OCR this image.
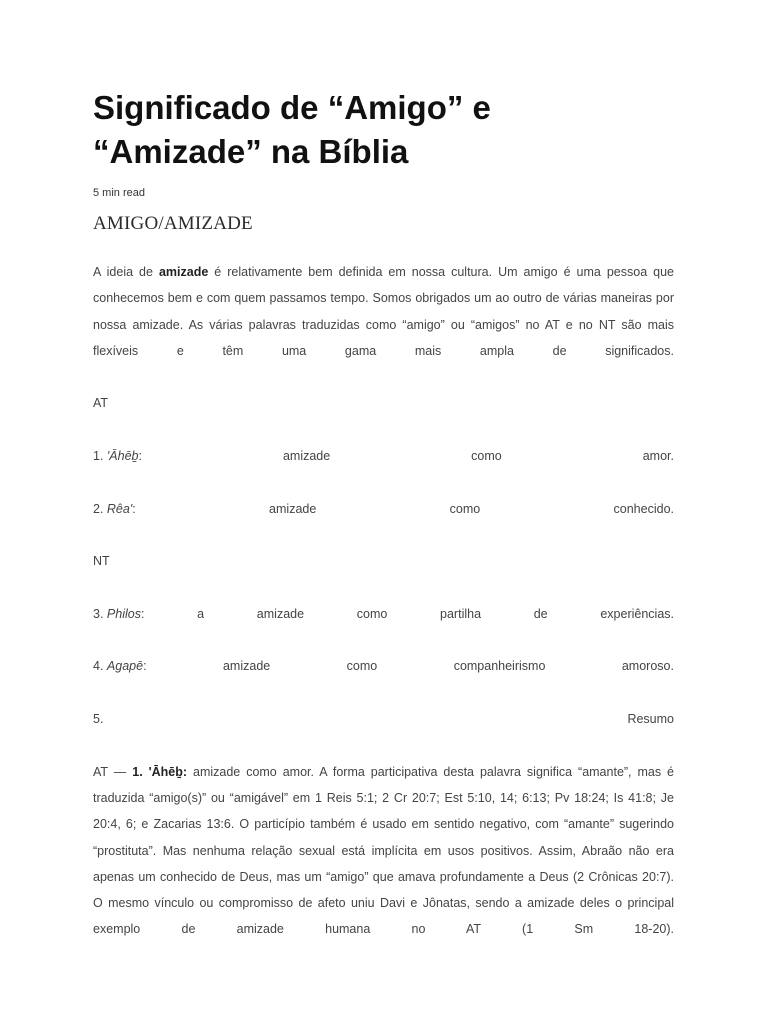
Significado de “Amigo” e
“Amizade” na Bíblia
5 min read
AMIGO/AMIZADE

A ideia de amizade é relativamente bem definida em nossa cultura. Um amigo é uma pessoa que conhecemos bem e com quem passamos tempo. Somos obrigados um ao outro de várias maneiras por nossa amizade. As várias palavras traduzidas como “amigo” ou “amigos” no AT e no NT são mais flexíveis e têm uma gama mais ampla de significados.

AT
1. 'Āhēḇ:	amizade	como	amor.
2. Rêa':	amizade	como	conhecido.
NT
3. Philos:	a	amizade	como	partilha	de	experiências.
4. Agapē:	amizade	como	companheirismo	amoroso.
5.	Resumo

AT — 1. 'Āhēḇ: amizade como amor. A forma participativa desta palavra significa “amante”, mas é traduzida “amigo(s)” ou “amigável” em 1 Reis 5:1; 2 Cr 20:7; Est 5:10, 14; 6:13; Pv 18:24; Is 41:8; Je 20:4, 6; e Zacarias 13:6. O particípio também é usado em sentido negativo, com “amante” sugerindo “prostituta”. Mas nenhuma relação sexual está implícita em usos positivos. Assim, Abraão não era apenas um conhecido de Deus, mas um “amigo” que amava profundamente a Deus (2 Crônicas 20:7). O mesmo vínculo ou compromisso de afeto uniu Davi e Jônatas, sendo a amizade deles o principal exemplo de amizade humana no AT (1 Sm 18-20).
